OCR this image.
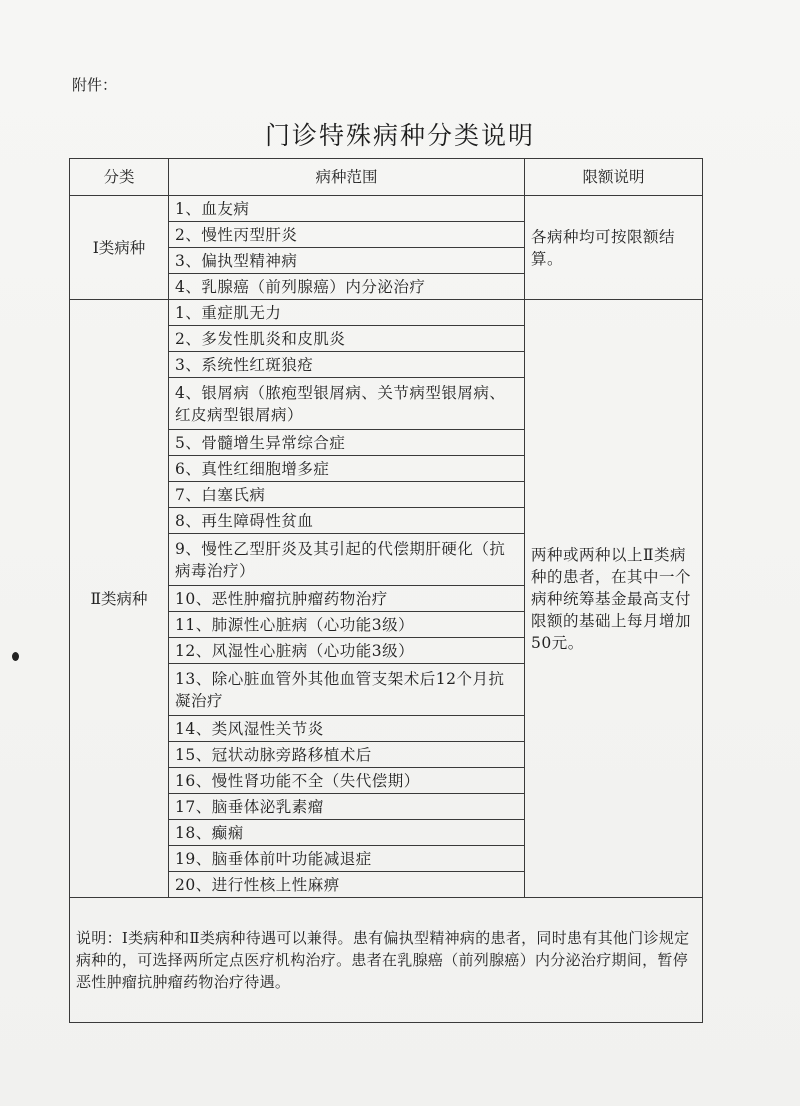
附件：
门诊特殊病种分类说明
分类	病种范围	限额说明
Ⅰ类病种	1、血友病	各病种均可按限额结算。
	2、慢性丙型肝炎	
	3、偏执型精神病	
	4、乳腺癌（前列腺癌）内分泌治疗	
Ⅱ类病种	1、重症肌无力	两种或两种以上Ⅱ类病种的患者，在其中一个病种统筹基金最高支付限额的基础上每月增加50元。
	2、多发性肌炎和皮肌炎	
	3、系统性红斑狼疮	
	4、银屑病（脓疱型银屑病、关节病型银屑病、红皮病型银屑病）	
	5、骨髓增生异常综合症	
	6、真性红细胞增多症	
	7、白塞氏病	
	8、再生障碍性贫血	
	9、慢性乙型肝炎及其引起的代偿期肝硬化（抗病毒治疗）	
	10、恶性肿瘤抗肿瘤药物治疗	
	11、肺源性心脏病（心功能3级）	
	12、风湿性心脏病（心功能3级）	
	13、除心脏血管外其他血管支架术后12个月抗凝治疗	
	14、类风湿性关节炎	
	15、冠状动脉旁路移植术后	
	16、慢性肾功能不全（失代偿期）	
	17、脑垂体泌乳素瘤	
	18、癫痫	
	19、脑垂体前叶功能减退症	
	20、进行性核上性麻痹	
说明：Ⅰ类病种和Ⅱ类病种待遇可以兼得。患有偏执型精神病的患者，同时患有其他门诊规定病种的，可选择两所定点医疗机构治疗。患者在乳腺癌（前列腺癌）内分泌治疗期间，暂停恶性肿瘤抗肿瘤药物治疗待遇。		
